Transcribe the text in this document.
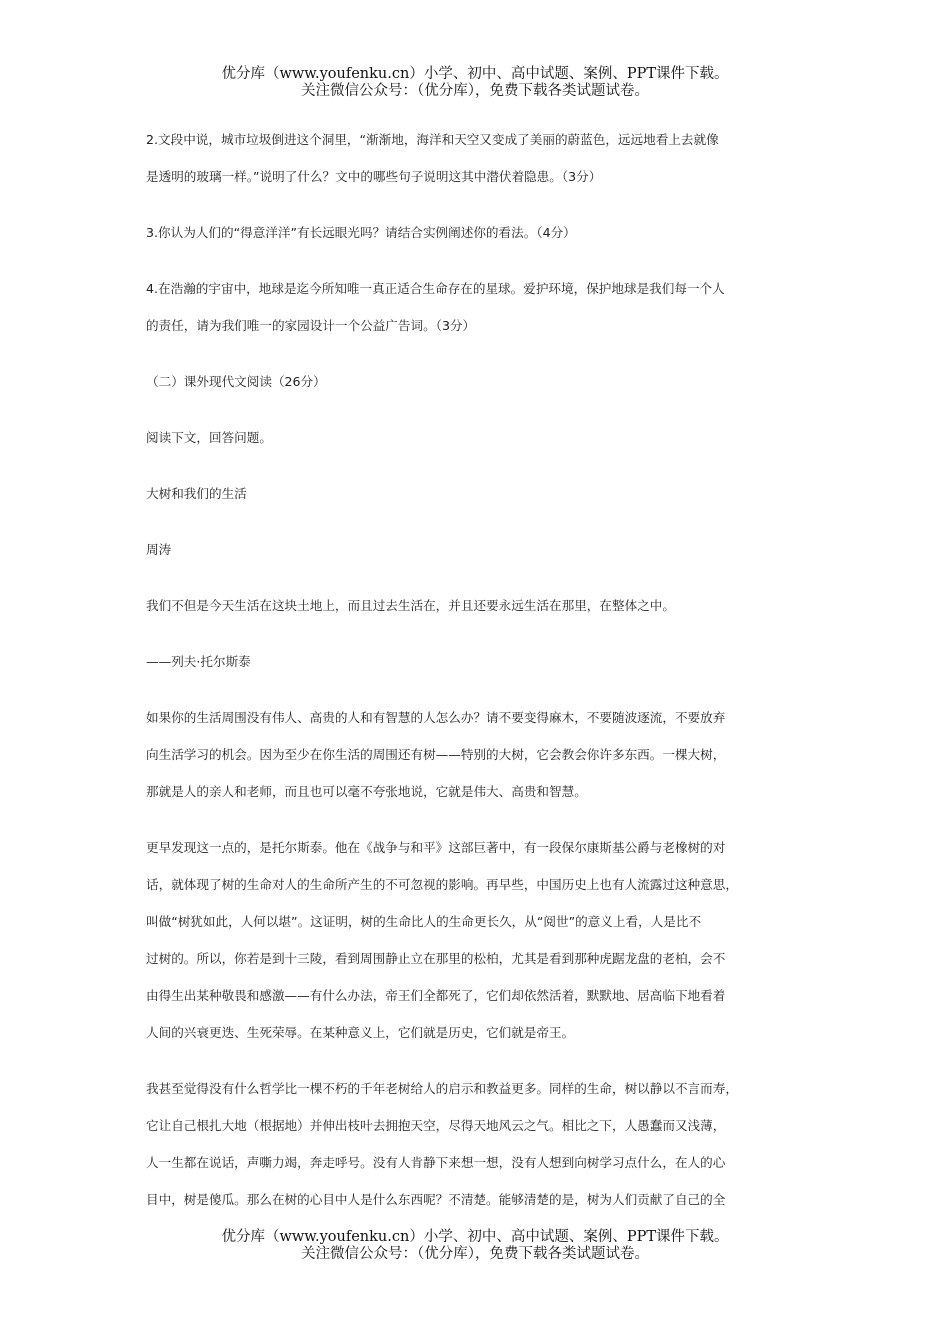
优分库（www.youfenku.cn）小学、初中、高中试题、案例、PPT课件下载。
关注微信公众号：（优分库），免费下载各类试题试卷。
2.文段中说，城市垃圾倒进这个洞里，“渐渐地，海洋和天空又变成了美丽的蔚蓝色，远远地看上去就像
是透明的玻璃一样。”说明了什么？文中的哪些句子说明这其中潜伏着隐患。（3分）
3.你认为人们的“得意洋洋”有长远眼光吗？请结合实例阐述你的看法。（4分）
4.在浩瀚的宇宙中，地球是迄今所知唯一真正适合生命存在的星球。爱护环境，保护地球是我们每一个人
的责任，请为我们唯一的家园设计一个公益广告词。（3分）
（二）课外现代文阅读（26分）
阅读下文，回答问题。
大树和我们的生活
周涛
我们不但是今天生活在这块土地上，而且过去生活在，并且还要永远生活在那里，在整体之中。
——列夫·托尔斯泰
如果你的生活周围没有伟人、高贵的人和有智慧的人怎么办？请不要变得麻木，不要随波逐流，不要放弃
向生活学习的机会。因为至少在你生活的周围还有树——特别的大树，它会教会你许多东西。一棵大树，
那就是人的亲人和老师，而且也可以毫不夸张地说，它就是伟大、高贵和智慧。
更早发现这一点的，是托尔斯泰。他在《战争与和平》这部巨著中，有一段保尔康斯基公爵与老橡树的对
话，就体现了树的生命对人的生命所产生的不可忽视的影响。再早些，中国历史上也有人流露过这种意思，
叫做“树犹如此，人何以堪”。这证明，树的生命比人的生命更长久，从“阅世”的意义上看，人是比不
过树的。所以，你若是到十三陵，看到周围静止立在那里的松柏，尤其是看到那种虎踞龙盘的老柏，会不
由得生出某种敬畏和感激——有什么办法，帝王们全都死了，它们却依然活着，默默地、居高临下地看着
人间的兴衰更迭、生死荣辱。在某种意义上，它们就是历史，它们就是帝王。
我甚至觉得没有什么哲学比一棵不朽的千年老树给人的启示和教益更多。同样的生命，树以静以不言而寿，
它让自己根扎大地（根据地）并伸出枝叶去拥抱天空，尽得天地风云之气。相比之下，人愚蠢而又浅薄，
人一生都在说话，声嘶力竭，奔走呼号。没有人肯静下来想一想，没有人想到向树学习点什么，在人的心
目中，树是傻瓜。那么在树的心目中人是什么东西呢？不清楚。能够清楚的是，树为人们贡献了自己的全
优分库（www.youfenku.cn）小学、初中、高中试题、案例、PPT课件下载。
关注微信公众号：（优分库），免费下载各类试题试卷。
